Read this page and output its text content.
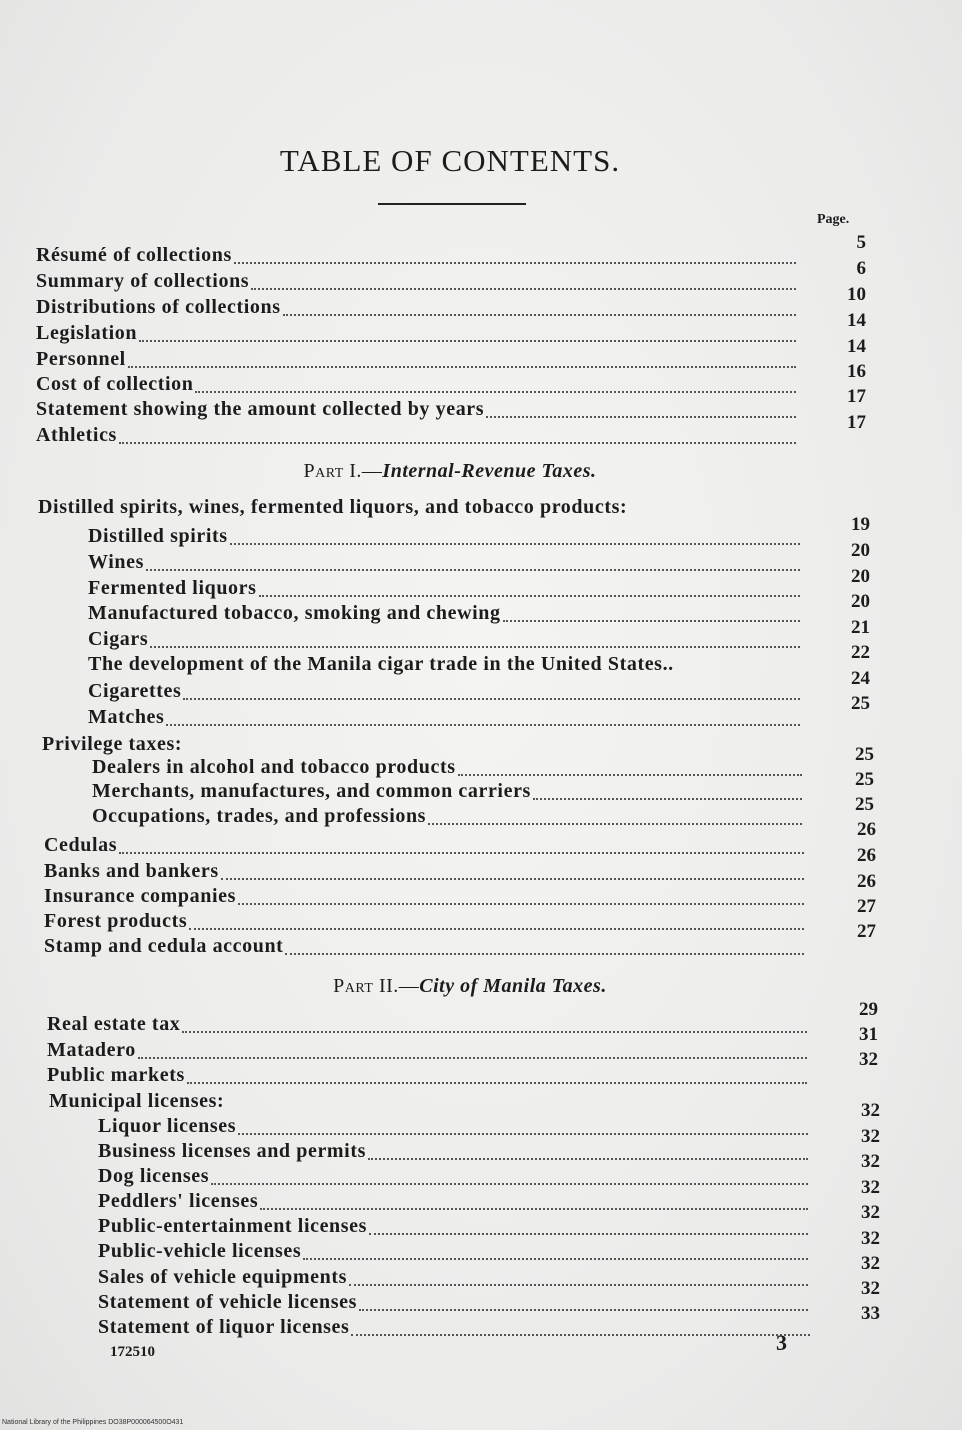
TABLE OF CONTENTS.
Page.
Résumé of collections
5
Summary of collections
6
Distributions of collections
10
Legislation
14
Personnel
14
Cost of collection
16
Statement showing the amount collected by years
17
Athletics
17
Part I.—Internal-Revenue Taxes.
Distilled spirits, wines, fermented liquors, and tobacco products:
Distilled spirits
19
Wines
20
Fermented liquors
20
Manufactured tobacco, smoking and chewing
20
Cigars
21
The development of the Manila cigar trade in the United States..
22
Cigarettes
24
Matches
25
Privilege taxes:
Dealers in alcohol and tobacco products
25
Merchants, manufactures, and common carriers
25
Occupations, trades, and professions
25
Cedulas
26
Banks and bankers
26
Insurance companies
26
Forest products
27
Stamp and cedula account
27
Part II.—City of Manila Taxes.
Real estate tax
29
Matadero
31
Public markets
32
Municipal licenses:
Liquor licenses
32
Business licenses and permits
32
Dog licenses
32
Peddlers' licenses
32
Public-entertainment licenses
32
Public-vehicle licenses
32
Sales of vehicle equipments
32
Statement of vehicle licenses
32
Statement of liquor licenses
33
3
172510
National Library of the Philippines DO38P000064500O431
